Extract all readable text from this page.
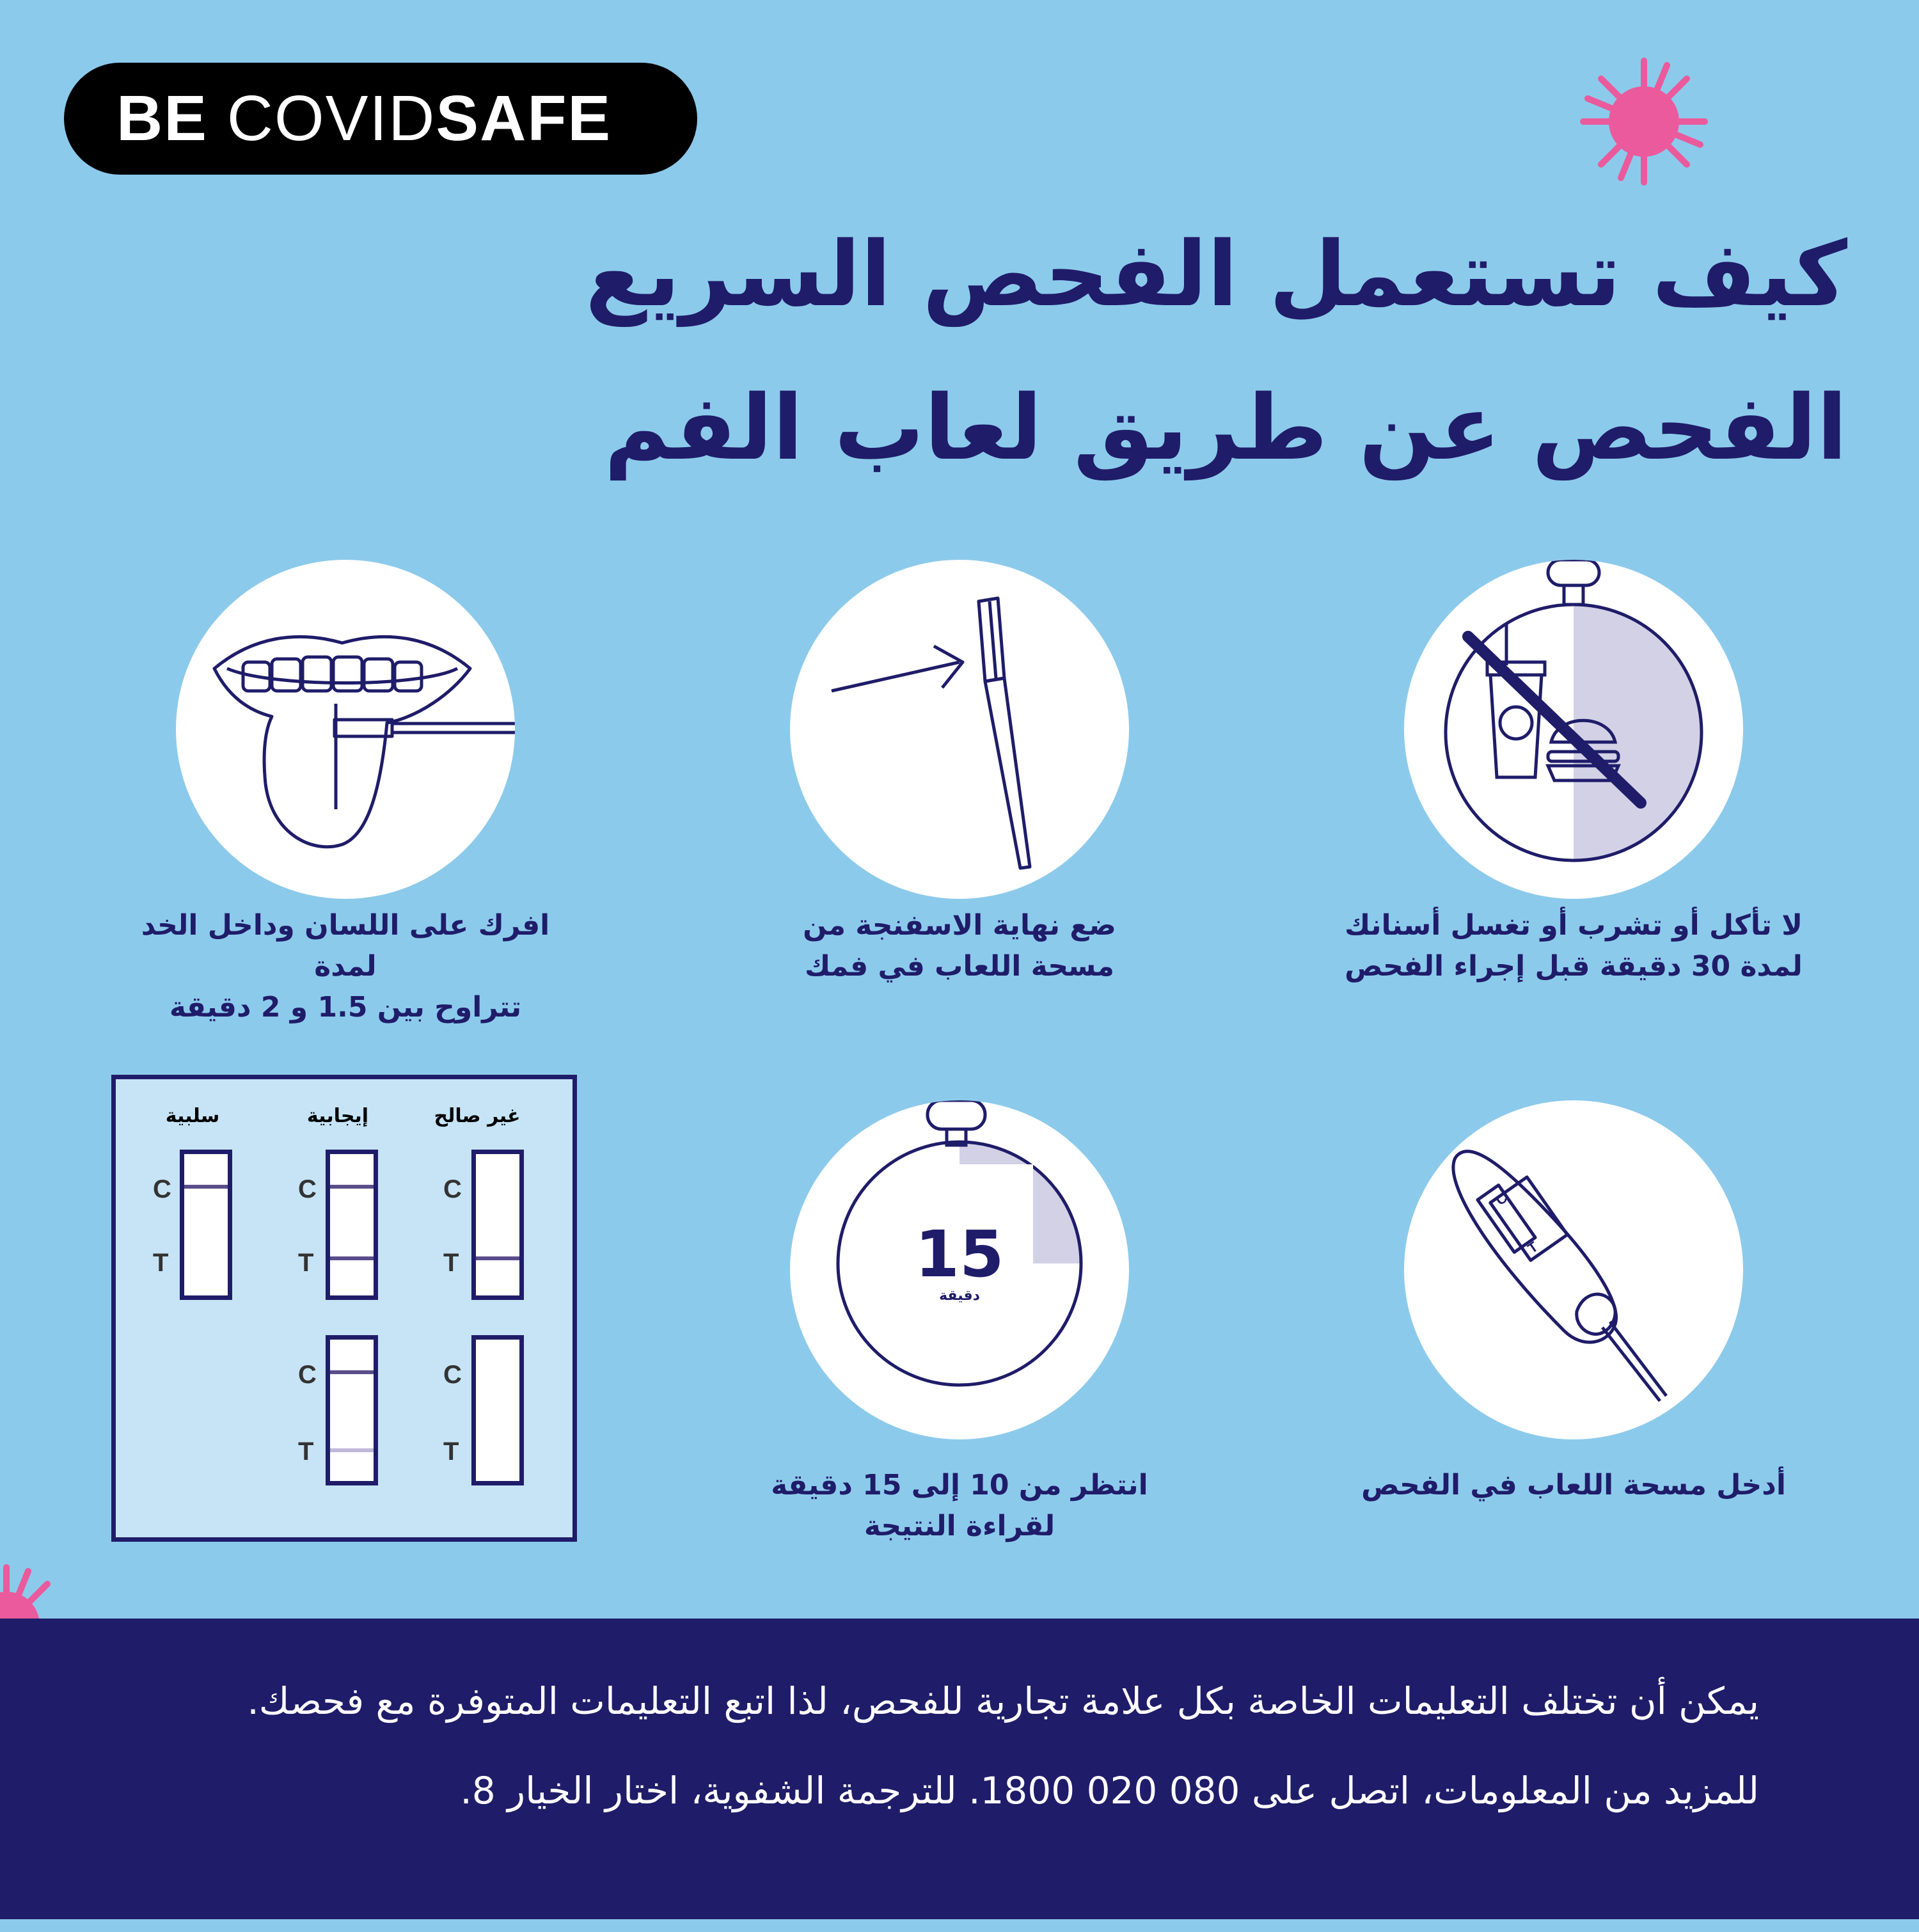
BE COVIDSAFE
كيف تستعمل الفحص السريع
الفحص عن طريق لعاب الفم
افرك على اللسان وداخل الخد لمدة
تتراوح بين 1.5 و 2 دقيقة
ضع نهاية الاسفنجة من
مسحة اللعاب في فمك
لا تأكل أو تشرب أو تغسل أسنانك
لمدة 30 دقيقة قبل إجراء الفحص
C
T
أدخل مسحة اللعاب في الفحص
15
دقيقة
انتظر من 10 إلى 15 دقيقة
لقراءة النتيجة
سلبية	إيجابية	غير صالح
C
T
C
T
C
T
C
T
C
T
يمكن أن تختلف التعليمات الخاصة بكل علامة تجارية للفحص، لذا اتبع التعليمات المتوفرة مع فحصك.
للمزيد من المعلومات، اتصل على 080 020 1800. للترجمة الشفوية، اختار الخيار 8.
